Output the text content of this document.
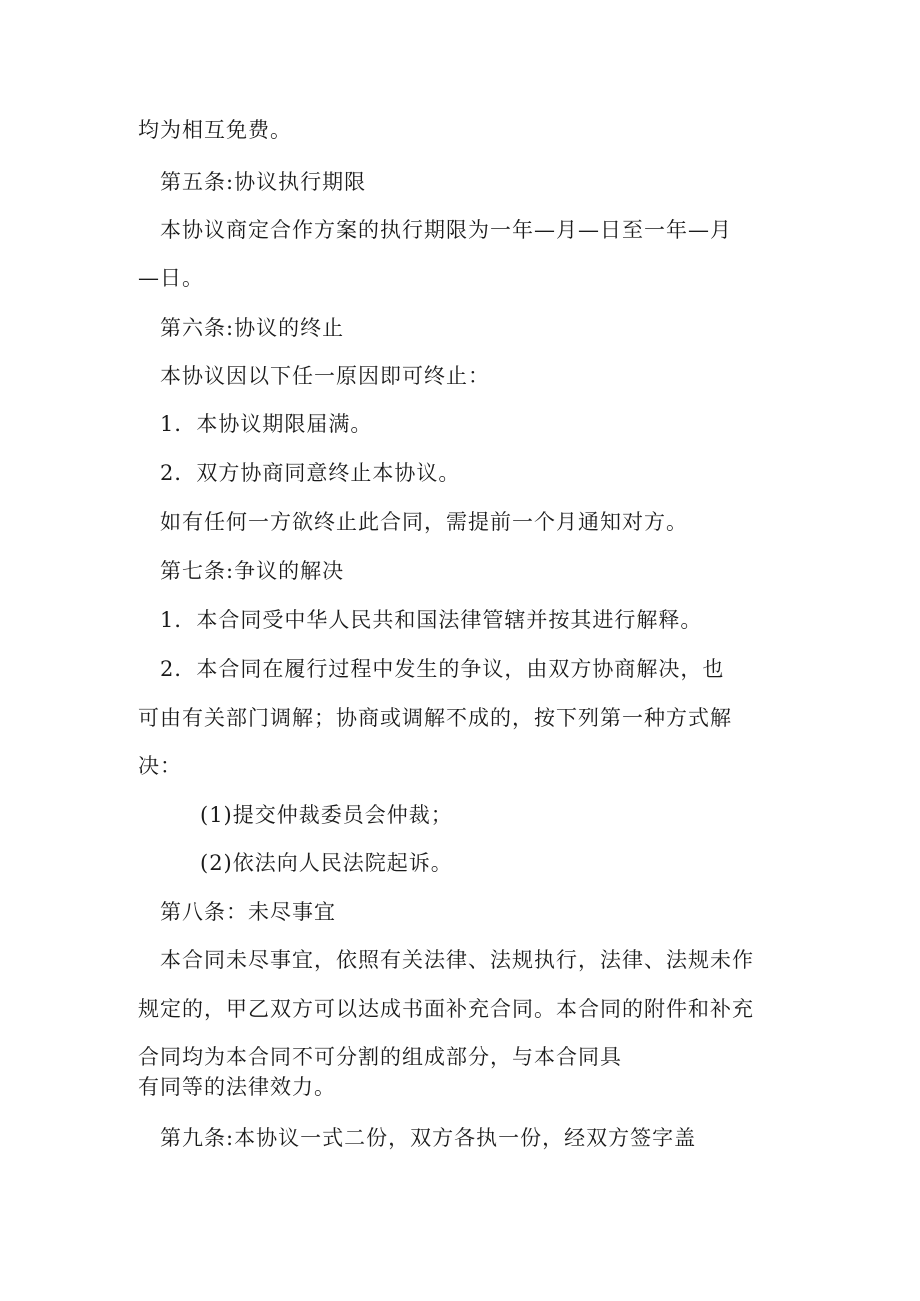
均为相互免费。
第五条:协议执行期限
本协议商定合作方案的执行期限为一年—月—日至一年—月
—日。
第六条:协议的终止
本协议因以下任一原因即可终止：
1．本协议期限届满。
2．双方协商同意终止本协议。
如有任何一方欲终止此合同，需提前一个月通知对方。
第七条:争议的解决
1．本合同受中华人民共和国法律管辖并按其进行解释。
2．本合同在履行过程中发生的争议，由双方协商解决，也
可由有关部门调解；协商或调解不成的，按下列第一种方式解
决：
(1)提交仲裁委员会仲裁；
(2)依法向人民法院起诉。
第八条：未尽事宜
本合同未尽事宜，依照有关法律、法规执行，法律、法规未作
规定的，甲乙双方可以达成书面补充合同。本合同的附件和补充
合同均为本合同不可分割的组成部分，与本合同具
有同等的法律效力。
第九条:本协议一式二份，双方各执一份，经双方签字盖
